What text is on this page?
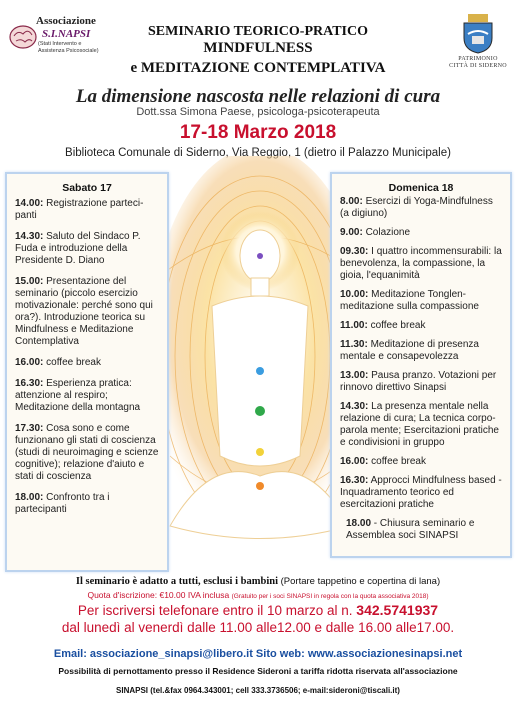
Associazione
S.I.NAPSI
(Stati Intervento e Assistenza Psicosociale)
PATRIMONIO CITTÀ DI SIDERNO
SEMINARIO TEORICO-PRATICO
MINDFULNESS
e MEDITAZIONE CONTEMPLATIVA
La dimensione nascosta nelle relazioni di cura
Dott.ssa Simona Paese, psicologa-psicoterapeuta
17-18 Marzo 2018
Biblioteca Comunale di Siderno, Via Reggio, 1 (dietro il Palazzo Municipale)
Sabato 17
14.00: Registrazione parteci-panti
14.30: Saluto del Sindaco P. Fuda e introduzione della Presidente D. Diano
15.00: Presentazione del seminario (piccolo esercizio motivazionale: perché sono qui ora?). Introduzione teorica su Mindfulness e Meditazione Contemplativa
16.00: coffee break
16.30: Esperienza pratica: attenzione al respiro; Meditazione della montagna
17.30: Cosa sono e come funzionano gli stati di coscienza (studi di neuroimaging e scienze cognitive); relazione d'aiuto e stati di coscienza
18.00: Confronto tra i partecipanti
Domenica 18
8.00: Esercizi di Yoga-Mindfulness (a digiuno)
9.00: Colazione
09.30: I quattro incommensurabili: la benevolenza, la compassione, la gioia, l'equanimità
10.00: Meditazione Tonglen-meditazione sulla compassione
11.00: coffee break
11.30: Meditazione di presenza mentale e consapevolezza
13.00: Pausa pranzo. Votazioni per rinnovo direttivo Sinapsi
14.30: La presenza mentale nella relazione di cura; La tecnica corpo-parola mente; Esercitazioni pratiche e condivisioni in gruppo
16.00: coffee break
16.30: Approcci Mindfulness based -Inquadramento teorico ed esercitazioni pratiche
18.00 - Chiusura seminario e Assemblea soci SINAPSI
Il seminario è adatto a tutti, esclusi i bambini (Portare tappetino e copertina di lana)
Quota d'iscrizione: €10.00 IVA inclusa (Gratuito per i soci SINAPSI in regola con la quota associativa 2018)
Per iscriversi telefonare entro il 10 marzo al n. 342.5741937
dal lunedì al venerdì dalle 11.00 alle12.00 e dalle 16.00 alle17.00.
Email: associazione_sinapsi@libero.it Sito web: www.associazionesinapsi.net
Possibilità di pernottamento presso il Residence Sideroni a tariffa ridotta riservata all'associazione
SINAPSI (tel.&fax 0964.343001; cell 333.3736506; e-mail:sideroni@tiscali.it)
